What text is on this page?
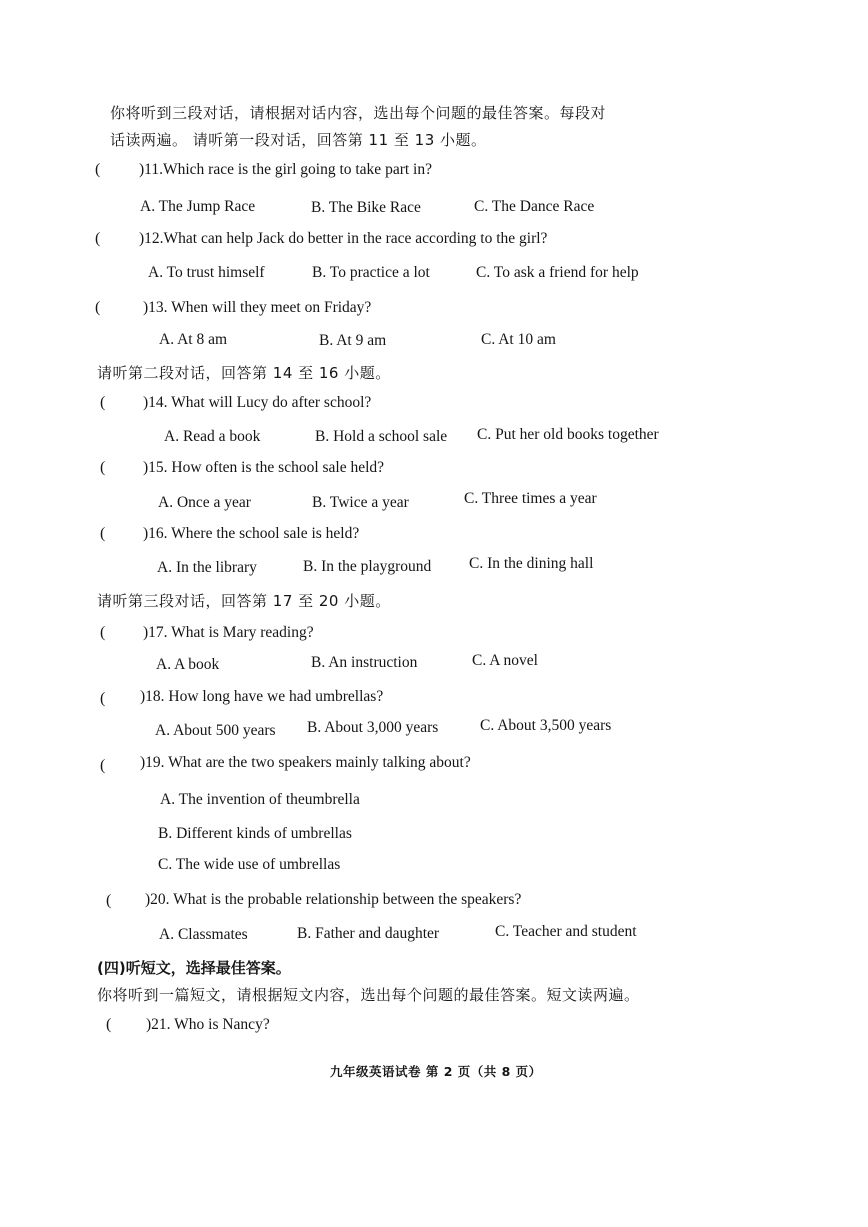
你将听到三段对话，请根据对话内容，选出每个问题的最佳答案。每段对
话读两遍。 请听第一段对话，回答第 11 至 13 小题。
( )11.Which race is the girl going to take part in?
A. The Jump Race	B. The Bike Race	C. The Dance Race
( )12.What can help Jack do better in the race according to the girl?
A. To trust himself	B. To practice a lot	C. To ask a friend for help
(	)13. When will they meet on Friday?
A. At 8 am	B. At 9 am	C. At 10 am
请听第二段对话，回答第 14 至 16 小题。
( )14. What will Lucy do after school?
A. Read a book	B. Hold a school sale C. Put her old books together
( )15. How often is the school sale held?
A. Once a year	B. Twice a year	C. Three times a year
( )16. Where the school sale is held?
A. In the library	B. In the playground C. In the dining hall
请听第三段对话，回答第 17 至 20 小题。
( )17. What is Mary reading?
A. A book	B. An instruction	C. A novel
( )18. How long have we had umbrellas?
A. About 500 years B. About 3,000 years	C. About 3,500 years
( )19. What are the two speakers mainly talking about?
A. The invention of theumbrella
B. Different kinds of umbrellas
C. The wide use of umbrellas
( )20. What is the probable relationship between the speakers?
A. Classmates	B. Father and daughter	C. Teacher and student
(四)听短文，选择最佳答案。
你将听到一篇短文，请根据短文内容，选出每个问题的最佳答案。短文读两遍。
( )21. Who is Nancy?
九年级英语试卷 第 2 页（共 8 页）
